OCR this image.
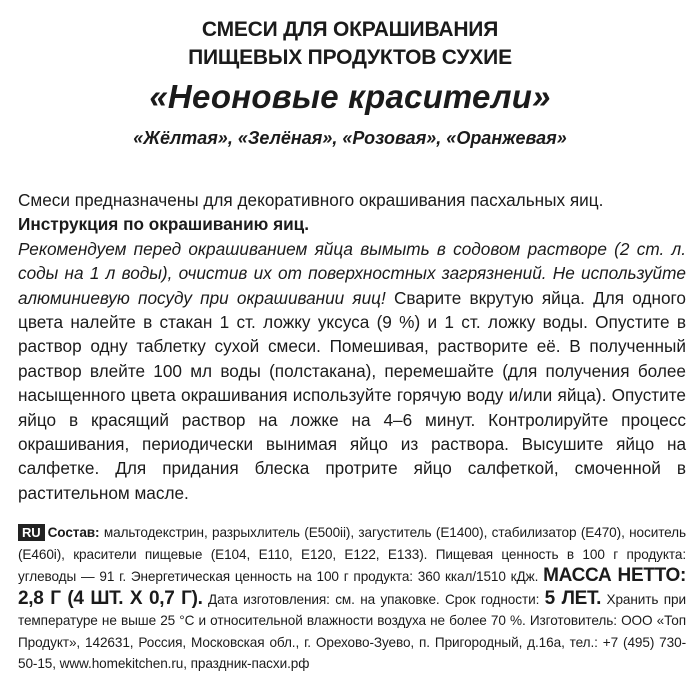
СМЕСИ ДЛЯ ОКРАШИВАНИЯ
ПИЩЕВЫХ ПРОДУКТОВ СУХИЕ
«Неоновые красители»
«Жёлтая», «Зелёная», «Розовая», «Оранжевая»

Смеси предназначены для декоративного окрашивания пасхальных яиц.

Инструкция по окрашиванию яиц.

Рекомендуем перед окрашиванием яйца вымыть в содовом растворе (2 ст. л. соды на 1 л воды), очистив их от поверхностных загрязнений. Не используйте алюминиевую посуду при окрашивании яиц! Сварите вкрутую яйца. Для одного цвета налейте в стакан 1 ст. ложку уксуса (9 %) и 1 ст. ложку воды. Опустите в раствор одну таблетку сухой смеси. Помешивая, растворите её. В полученный раствор влейте 100 мл воды (полстакана), перемешайте (для получения более насыщенного цвета окрашивания используйте горячую воду и/или яйца). Опустите яйцо в красящий раствор на ложке на 4–6 минут. Контролируйте процесс окрашивания, периодически вынимая яйцо из раствора. Высушите яйцо на салфетке. Для придания блеска протрите яйцо салфеткой, смоченной в растительном масле.

RU Состав: мальтодекстрин, разрыхлитель (Е500ii), загуститель (Е1400), стабилизатор (Е470), носитель (Е460i), красители пищевые (Е104, Е110, Е120, Е122, Е133). Пищевая ценность в 100 г продукта: углеводы — 91 г. Энергетическая ценность на 100 г продукта: 360 ккал/1510 кДж. МАССА НЕТТО: 2,8 Г (4 ШТ. Х 0,7 Г). Дата изготовления: см. на упаковке. Срок годности: 5 ЛЕТ. Хранить при температуре не выше 25 °С и относительной влажности воздуха не более 70 %. Изготовитель: ООО «Топ Продукт», 142631, Россия, Московская обл., г. Орехово-Зуево, п. Пригородный, д.16а, тел.: +7 (495) 730-50-15, www.homekitchen.ru, праздник-пасхи.рф
